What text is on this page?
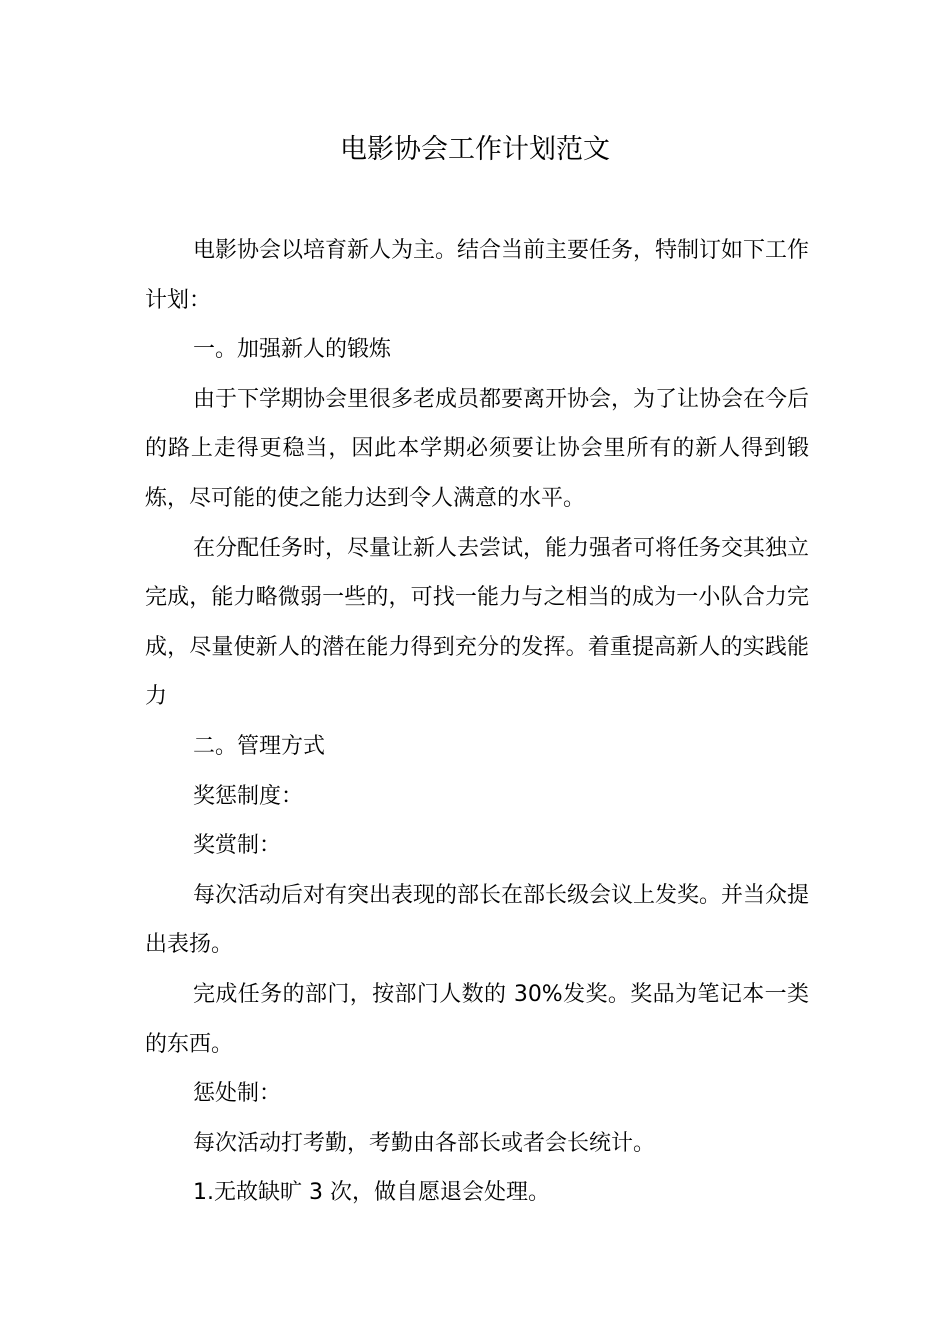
电影协会工作计划范文

电影协会以培育新人为主。结合当前主要任务，特制订如下工作计划：

一。加强新人的锻炼

由于下学期协会里很多老成员都要离开协会，为了让协会在今后的路上走得更稳当，因此本学期必须要让协会里所有的新人得到锻炼，尽可能的使之能力达到令人满意的水平。

在分配任务时，尽量让新人去尝试，能力强者可将任务交其独立完成，能力略微弱一些的，可找一能力与之相当的成为一小队合力完成，尽量使新人的潜在能力得到充分的发挥。着重提高新人的实践能力

二。管理方式

奖惩制度：

奖赏制：

每次活动后对有突出表现的部长在部长级会议上发奖。并当众提出表扬。

完成任务的部门，按部门人数的 30%发奖。奖品为笔记本一类的东西。

惩处制：

每次活动打考勤，考勤由各部长或者会长统计。

1.无故缺旷 3 次，做自愿退会处理。
